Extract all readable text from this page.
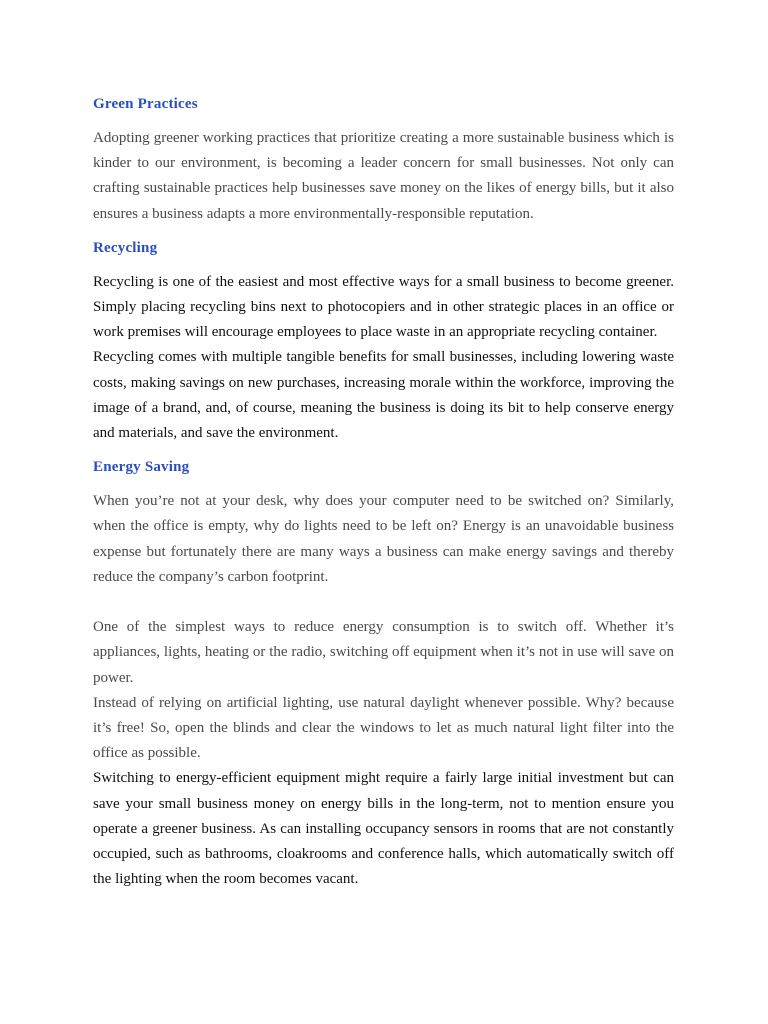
Green Practices

Adopting greener working practices that prioritize creating a more sustainable business which is kinder to our environment, is becoming a leader concern for small businesses. Not only can crafting sustainable practices help businesses save money on the likes of energy bills, but it also ensures a business adapts a more environmentally-responsible reputation.

Recycling

Recycling is one of the easiest and most effective ways for a small business to become greener. Simply placing recycling bins next to photocopiers and in other strategic places in an office or work premises will encourage employees to place waste in an appropriate recycling container.

Recycling comes with multiple tangible benefits for small businesses, including lowering waste costs, making savings on new purchases, increasing morale within the workforce, improving the image of a brand, and, of course, meaning the business is doing its bit to help conserve energy and materials, and save the environment.

Energy Saving

When you’re not at your desk, why does your computer need to be switched on? Similarly, when the office is empty, why do lights need to be left on? Energy is an unavoidable business expense but fortunately there are many ways a business can make energy savings and thereby reduce the company’s carbon footprint.

One of the simplest ways to reduce energy consumption is to switch off. Whether it’s appliances, lights, heating or the radio, switching off equipment when it’s not in use will save on power.

Instead of relying on artificial lighting, use natural daylight whenever possible. Why? because it’s free! So, open the blinds and clear the windows to let as much natural light filter into the office as possible.

Switching to energy-efficient equipment might require a fairly large initial investment but can save your small business money on energy bills in the long-term, not to mention ensure you operate a greener business. As can installing occupancy sensors in rooms that are not constantly occupied, such as bathrooms, cloakrooms and conference halls, which automatically switch off the lighting when the room becomes vacant.
